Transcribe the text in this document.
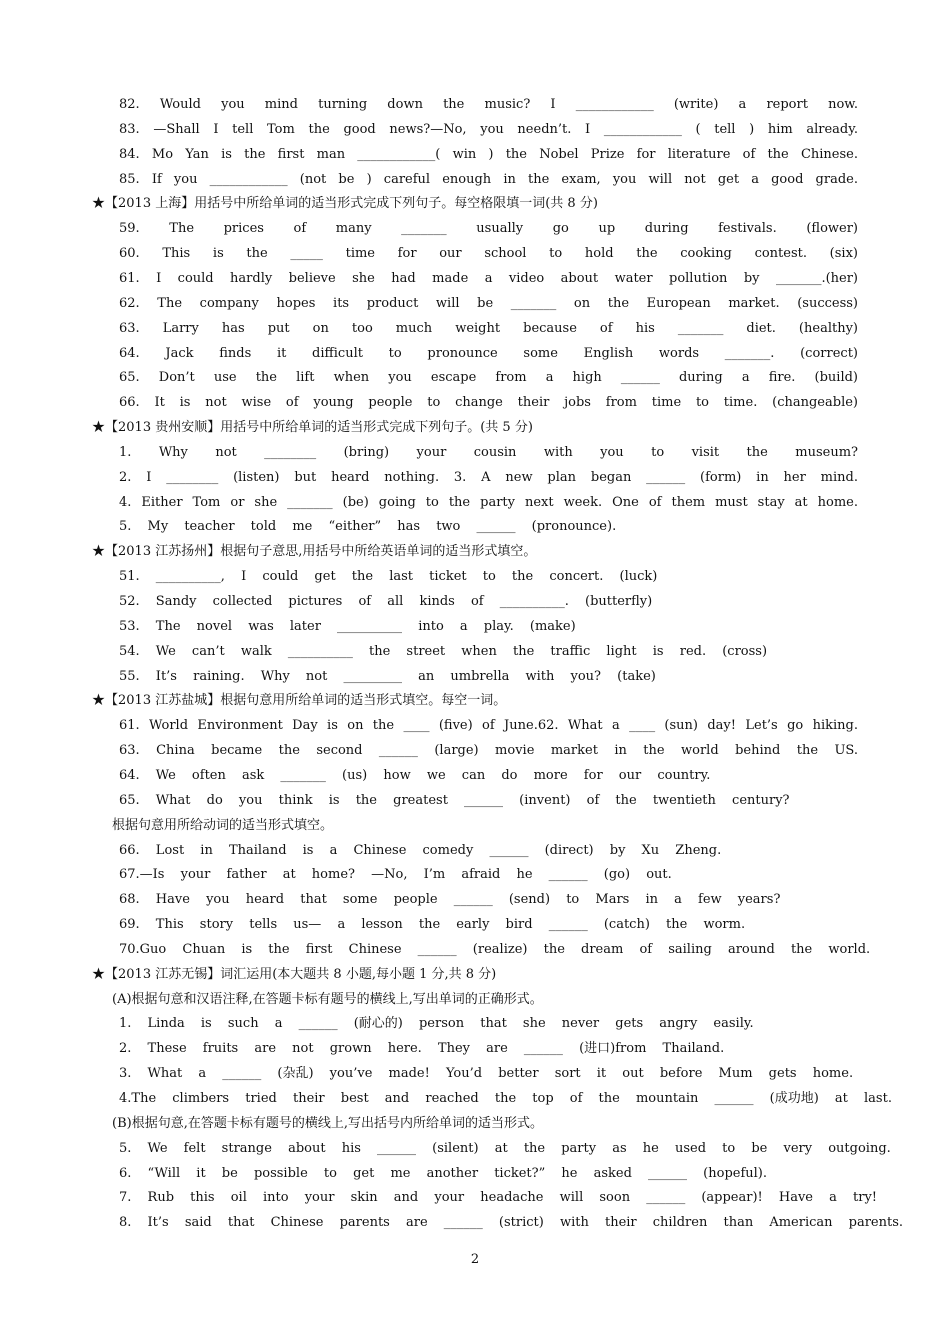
82. Would you mind turning down the music? I ____________ (write) a report now.
83. —Shall I tell Tom the good news?—No, you needn’t. I ____________ ( tell ) him already.
84. Mo Yan is the first man ____________( win ) the Nobel Prize for literature of the Chinese.
85. If you ____________ (not be ) careful enough in the exam, you will not get a good grade.
★【2013 上海】用括号中所给单词的适当形式完成下列句子。每空格限填一词(共 8 分)
59. The prices of many _______ usually go up during festivals. (flower)
60. This is the _____ time for our school to hold the cooking contest. (six)
61. I could hardly believe she had made a video about water pollution by _______.(her)
62. The company hopes its product will be _______ on the European market. (success)
63. Larry has put on too much weight because of his _______ diet. (healthy)
64. Jack finds it difficult to pronounce some English words _______. (correct)
65. Don’t use the lift when you escape from a high ______ during a fire. (build)
66. It is not wise of young people to change their jobs from time to time. (changeable)
★【2013 贵州安顺】用括号中所给单词的适当形式完成下列句子。(共 5 分)
1. Why not ________ (bring) your cousin with you to visit the museum?
2. I ________ (listen) but heard nothing. 3. A new plan began ______ (form) in her mind.
4. Either Tom or she _______ (be) going to the party next week. One of them must stay at home.
5. My teacher told me “either” has two ______ (pronounce).
★【2013 江苏扬州】根据句子意思,用括号中所给英语单词的适当形式填空。
51. __________, I could get the last ticket to the concert. (luck)
52. Sandy collected pictures of all kinds of __________. (butterfly)
53. The novel was later __________ into a play. (make)
54. We can’t walk __________ the street when the traffic light is red. (cross)
55. It’s raining. Why not _________ an umbrella with you? (take)
★【2013 江苏盐城】根据句意用所给单词的适当形式填空。每空一词。
61. World Environment Day is on the ____ (five) of June.62. What a ____ (sun) day! Let’s go hiking.
63. China became the second ______ (large) movie market in the world behind the US.
64. We often ask _______ (us) how we can do more for our country.
65. What do you think is the greatest ______ (invent) of the twentieth century?
根据句意用所给动词的适当形式填空。
66. Lost in Thailand is a Chinese comedy ______ (direct) by Xu Zheng.
67.—Is your father at home? —No, I’m afraid he ______ (go) out.
68. Have you heard that some people ______ (send) to Mars in a few years?
69. This story tells us— a lesson the early bird ______ (catch) the worm.
70.Guo Chuan is the first Chinese ______ (realize) the dream of sailing around the world.
★【2013 江苏无锡】词汇运用(本大题共 8 小题,每小题 1 分,共 8 分)
(A)根据句意和汉语注释,在答题卡标有题号的横线上,写出单词的正确形式。
1. Linda is such a ______ (耐心的) person that she never gets angry easily.
2. These fruits are not grown here. They are ______ (进口)from Thailand.
3. What a ______ (杂乱) you’ve made! You’d better sort it out before Mum gets home.
4.The climbers tried their best and reached the top of the mountain ______ (成功地) at last.
(B)根据句意,在答题卡标有题号的横线上,写出括号内所给单词的适当形式。
5. We felt strange about his ______ (silent) at the party as he used to be very outgoing.
6. “Will it be possible to get me another ticket?” he asked ______ (hopeful).
7. Rub this oil into your skin and your headache will soon ______ (appear)! Have a try!
8. It’s said that Chinese parents are ______ (strict) with their children than American parents.
2
